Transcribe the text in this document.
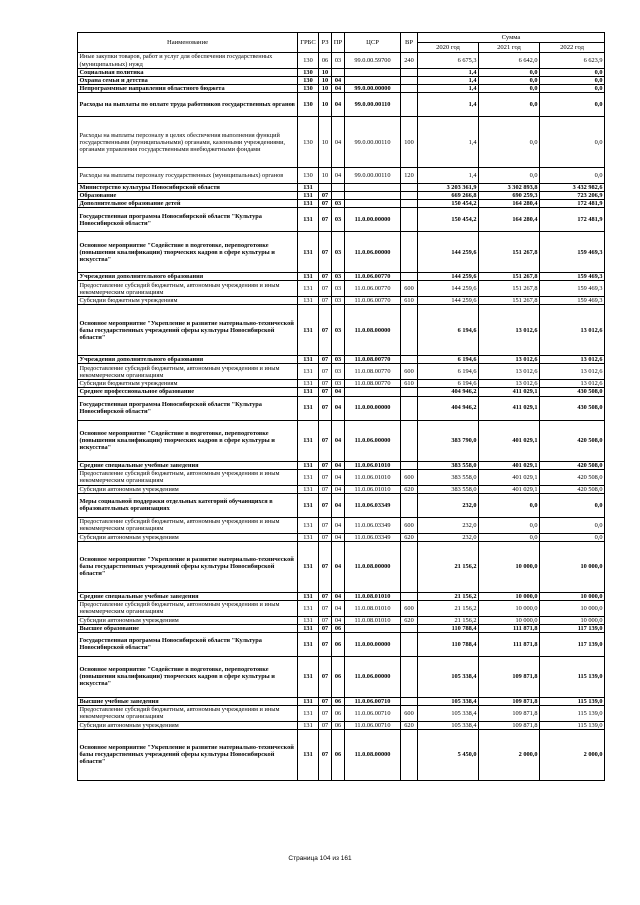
Наименование	ГРБС	РЗ	ПР	ЦСР	ВР	Сумма		
						2020 год	2021 год	2022 год
Иные закупки товаров, работ и услуг для обеспечения государственных (муниципальных) нужд	130	06	03	99.0.00.59700	240	6 675,3	6 642,0	6 623,9
Социальная политика	130	10				1,4	0,0	0,0
Охрана семьи и детства	130	10	04			1,4	0,0	0,0
Непрограммные направления областного бюджета	130	10	04	99.0.00.00000		1,4	0,0	0,0
Расходы на выплаты по оплате труда работников государственных органов	130	10	04	99.0.00.00110		1,4	0,0	0,0
Расходы на выплаты персоналу в целях обеспечения выполнения функций государственными (муниципальными) органами, казенными учреждениями, органами управления государственными внебюджетными фондами	130	10	04	99.0.00.00110	100	1,4	0,0	0,0
Расходы на выплаты персоналу государственных (муниципальных) органов	130	10	04	99.0.00.00110	120	1,4	0,0	0,0
Министерство культуры Новосибирской области	131					3 203 361,9	3 302 893,8	3 432 982,6
Образование	131	07				669 266,8	690 259,3	723 206,9
Дополнительное образование детей	131	07	03			150 454,2	164 280,4	172 481,9
Государственная программа Новосибирской области "Культура Новосибирской области"	131	07	03	11.0.00.00000		150 454,2	164 280,4	172 481,9
Основное мероприятие "Содействие в подготовке, переподготовке (повышении квалификации) творческих кадров в сфере культуры и искусства"	131	07	03	11.0.06.00000		144 259,6	151 267,8	159 469,3
Учреждения дополнительного образования	131	07	03	11.0.06.00770		144 259,6	151 267,8	159 469,3
Предоставление субсидий бюджетным, автономным учреждениям и иным некоммерческим организациям	131	07	03	11.0.06.00770	600	144 259,6	151 267,8	159 469,3
Субсидии бюджетным учреждениям	131	07	03	11.0.06.00770	610	144 259,6	151 267,8	159 469,3
Основное мероприятие "Укрепление и развитие материально-технической базы государственных учреждений сферы культуры Новосибирской области"	131	07	03	11.0.08.00000		6 194,6	13 012,6	13 012,6
Учреждения дополнительного образования	131	07	03	11.0.08.00770		6 194,6	13 012,6	13 012,6
Предоставление субсидий бюджетным, автономным учреждениям и иным некоммерческим организациям	131	07	03	11.0.08.00770	600	6 194,6	13 012,6	13 012,6
Субсидии бюджетным учреждениям	131	07	03	11.0.08.00770	610	6 194,6	13 012,6	13 012,6
Среднее профессиональное образование	131	07	04			404 946,2	411 029,1	430 508,0
Государственная программа Новосибирской области "Культура Новосибирской области"	131	07	04	11.0.00.00000		404 946,2	411 029,1	430 508,0
Основное мероприятие "Содействие в подготовке, переподготовке (повышении квалификации) творческих кадров в сфере культуры и искусства"	131	07	04	11.0.06.00000		383 790,0	401 029,1	420 508,0
Средние специальные учебные заведения	131	07	04	11.0.06.01010		383 558,0	401 029,1	420 508,0
Предоставление субсидий бюджетным, автономным учреждениям и иным некоммерческим организациям	131	07	04	11.0.06.01010	600	383 558,0	401 029,1	420 508,0
Субсидии автономным учреждениям	131	07	04	11.0.06.01010	620	383 558,0	401 029,1	420 508,0
Меры социальной поддержки отдельных категорий обучающихся в образовательных организациях	131	07	04	11.0.06.03349		232,0	0,0	0,0
Предоставление субсидий бюджетным, автономным учреждениям и иным некоммерческим организациям	131	07	04	11.0.06.03349	600	232,0	0,0	0,0
Субсидии автономным учреждениям	131	07	04	11.0.06.03349	620	232,0	0,0	0,0
Основное мероприятие "Укрепление и развитие материально-технической базы государственных учреждений сферы культуры Новосибирской области"	131	07	04	11.0.08.00000		21 156,2	10 000,0	10 000,0
Средние специальные учебные заведения	131	07	04	11.0.08.01010		21 156,2	10 000,0	10 000,0
Предоставление субсидий бюджетным, автономным учреждениям и иным некоммерческим организациям	131	07	04	11.0.08.01010	600	21 156,2	10 000,0	10 000,0
Субсидии автономным учреждениям	131	07	04	11.0.08.01010	620	21 156,2	10 000,0	10 000,0
Высшее образование	131	07	06			110 788,4	111 871,8	117 139,0
Государственная программа Новосибирской области "Культура Новосибирской области"	131	07	06	11.0.00.00000		110 788,4	111 871,8	117 139,0
Основное мероприятие "Содействие в подготовке, переподготовке (повышении квалификации) творческих кадров в сфере культуры и искусства"	131	07	06	11.0.06.00000		105 338,4	109 871,8	115 139,0
Высшие учебные заведения	131	07	06	11.0.06.00710		105 338,4	109 871,8	115 139,0
Предоставление субсидий бюджетным, автономным учреждениям и иным некоммерческим организациям	131	07	06	11.0.06.00710	600	105 338,4	109 871,8	115 139,0
Субсидии автономным учреждениям	131	07	06	11.0.06.00710	620	105 338,4	109 871,8	115 139,0
Основное мероприятие "Укрепление и развитие материально-технической базы государственных учреждений сферы культуры Новосибирской области"	131	07	06	11.0.08.00000		5 450,0	2 000,0	2 000,0
Страница 104 из 161
